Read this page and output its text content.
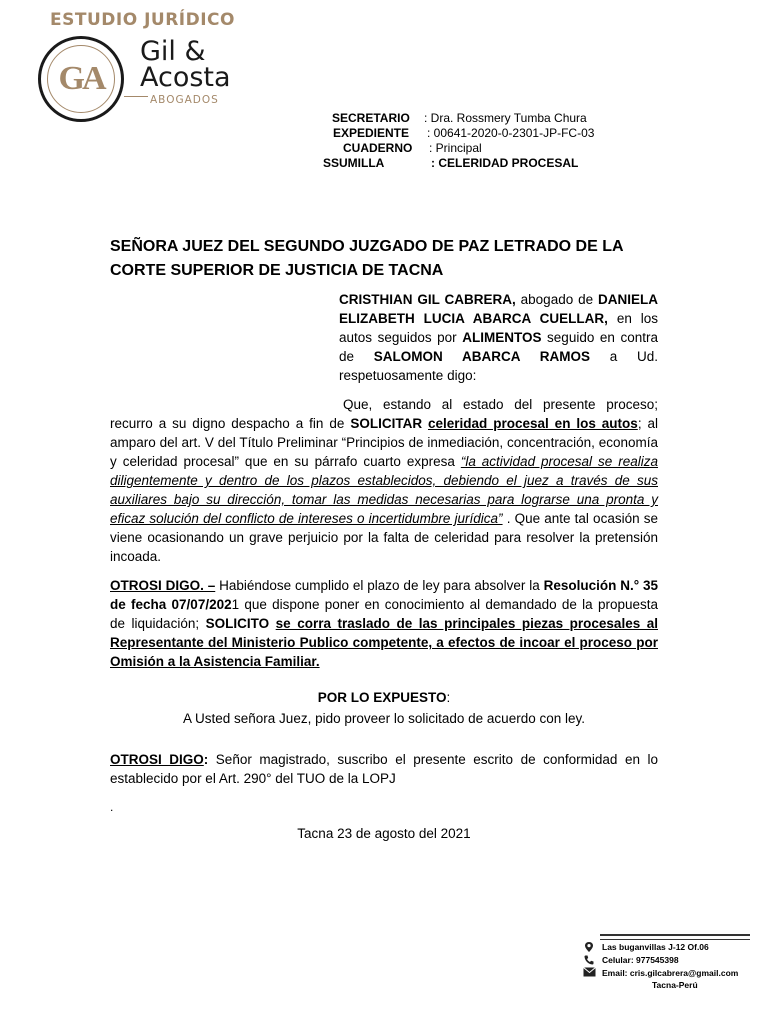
ESTUDIO JURÍDICO
GA
Gil &
Acosta
ABOGADOS
SECRETARIO : Dra. Rossmery Tumba Chura
EXPEDIENTE : 00641-2020-0-2301-JP-FC-03
CUADERNO : Principal
SSUMILLA	: CELERIDAD PROCESAL
SEÑORA JUEZ DEL SEGUNDO JUZGADO DE PAZ LETRADO DE LA CORTE SUPERIOR DE JUSTICIA DE TACNA
CRISTHIAN GIL CABRERA, abogado de DANIELA ELIZABETH LUCIA ABARCA CUELLAR, en los autos seguidos por ALIMENTOS seguido en contra de SALOMON ABARCA RAMOS a Ud. respetuosamente digo:
Que, estando al estado del presente proceso; recurro a su digno despacho a fin de SOLICITAR celeridad procesal en los autos; al amparo del art. V del Título Preliminar “Principios de inmediación, concentración, economía y celeridad procesal” que en su párrafo cuarto expresa “la actividad procesal se realiza diligentemente y dentro de los plazos establecidos, debiendo el juez a través de sus auxiliares bajo su dirección, tomar las medidas necesarias para lograrse una pronta y eficaz solución del conflicto de intereses o incertidumbre jurídica” . Que ante tal ocasión se viene ocasionando un grave perjuicio por la falta de celeridad para resolver la pretensión incoada.
OTROSI DIGO. – Habiéndose cumplido el plazo de ley para absolver la Resolución N.° 35 de fecha 07/07/2021 que dispone poner en conocimiento al demandado de la propuesta de liquidación; SOLICITO se corra traslado de las principales piezas procesales al Representante del Ministerio Publico competente, a efectos de incoar el proceso por Omisión a la Asistencia Familiar.
POR LO EXPUESTO:
A Usted señora Juez, pido proveer lo solicitado de acuerdo con ley.
OTROSI DIGO: Señor magistrado, suscribo el presente escrito de conformidad en lo establecido por el Art. 290° del TUO de la LOPJ
.
Tacna 23 de agosto del 2021
Las buganvillas J-12 Of.06
Celular: 977545398
Email: cris.gilcabrera@gmail.com
Tacna-Perú
